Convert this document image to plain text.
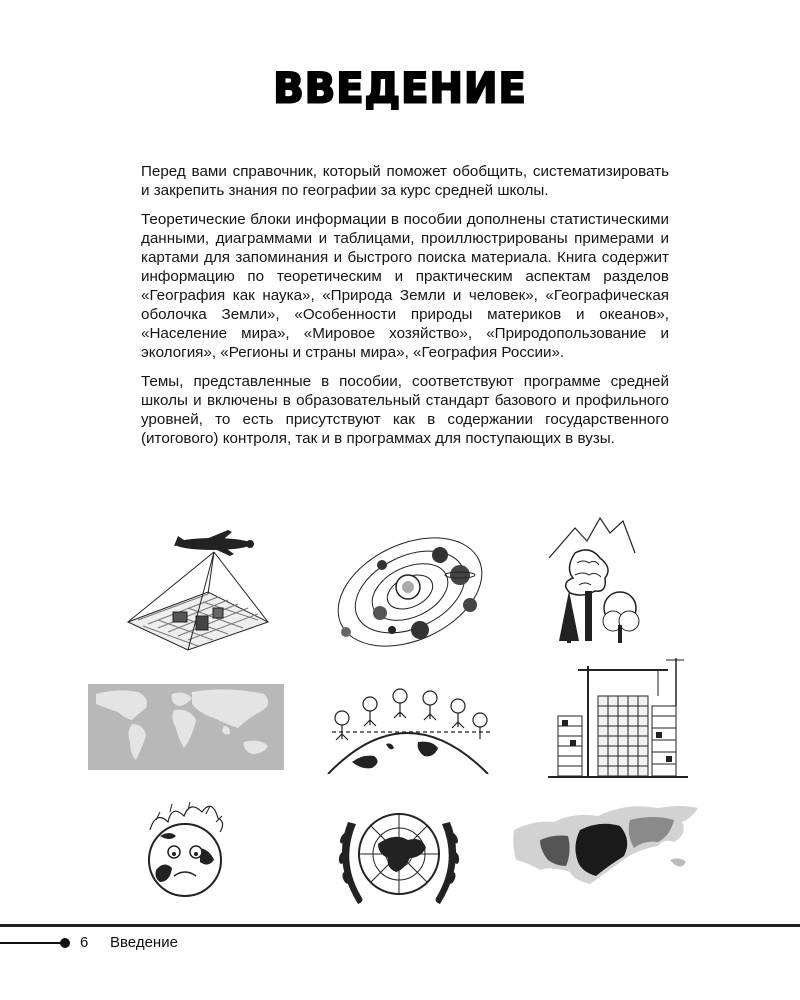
ВВЕДЕНИЕ

Перед вами справочник, который поможет обобщить, систематизировать и закрепить знания по географии за курс средней школы.

Теоретические блоки информации в пособии дополнены статистическими данными, диаграммами и таблицами, проиллюстрированы примерами и картами для запоминания и быстрого поиска материала. Книга содержит информацию по теоретическим и практическим аспектам разделов «География как наука», «Природа Земли и человек», «Географическая оболочка Земли», «Особенности природы материков и океанов», «Население мира», «Мировое хозяйство», «Природопользование и экология», «Регионы и страны мира», «География России».

Темы, представленные в пособии, соответствуют программе средней школы и включены в образовательный стандарт базового и профильного уровней, то есть присутствуют как в содержании государственного (итогового) контроля, так и в программах для поступающих в вузы.

6 Введение
